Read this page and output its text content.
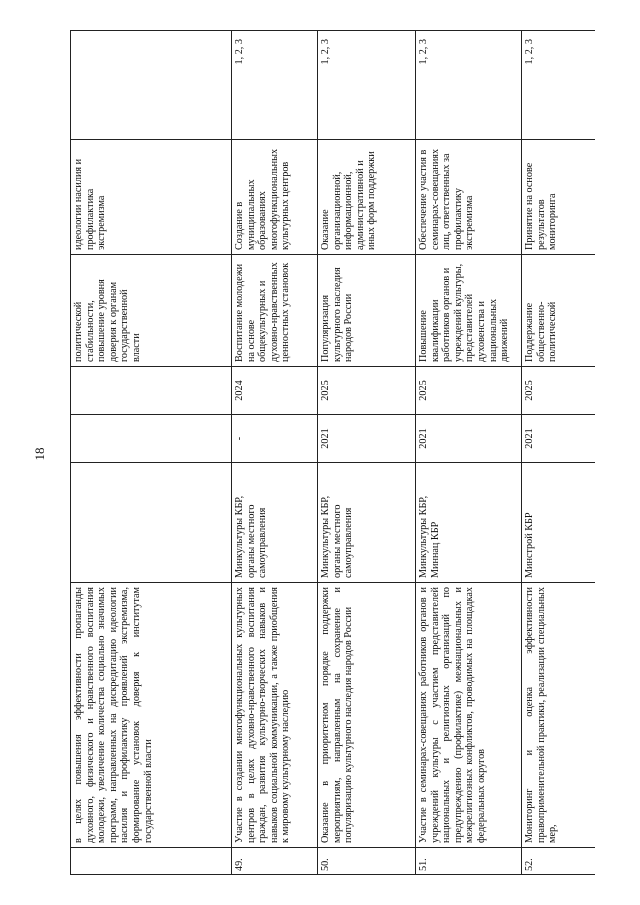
18
в целях повышения эффективности пропаганды духовного, физического и нравственного воспитания молодежи, увеличение количества социально значимых программ, направленных на дискредитацию идеологии насилия и профилактику проявлений экстремизма, формирование установок доверия к институтам государственной власти
политической стабильности, повышение уровня доверия к органам государственной власти
идеологии насилия и профилактика экстремизма
49.
Участие в создании многофункциональных культурных центров в целях духовно-нравственного воспитания граждан, развития культурно-творческих навыков и навыков социальной коммуникации, а также приобщения к мировому культурному наследию
Минкультуры КБР, органы местного самоуправления
-
2024
Воспитание молодежи на основе общекультурных и духовно-нравственных ценностных установок
Создание в муниципальных образованиях многофункциональных культурных центров
1, 2, 3
50.
Оказание в приоритетном порядке поддержки мероприятиям, направленным на сохранение и популяризацию культурного наследия народов России
Минкультуры КБР, органы местного самоуправления
2021
2025
Популяризация культурного наследия народов России
Оказание организационной, информационной, административной и иных форм поддержки
1, 2, 3
51.
Участие в семинарах-совещаниях работников органов и учреждений культуры с участием представителей национальных и религиозных организаций по предупреждению (профилактике) межнациональных и межрелигиозных конфликтов, проводимых на площадках федеральных округов
Минкультуры КБР, Миннац КБР
2021
2025
Повышение квалификации работников органов и учреждений культуры, представителей духовенства и национальных движений
Обеспечение участия в семинарах-совещаниях лиц, ответственных за профилактику экстремизма
1, 2, 3
52.
Мониторинг и оценка эффективности правоприменительной практики, реализации специальных мер,
Минстрой КБР
2021
2025
Поддержание общественно-политической
Принятие на основе результатов мониторинга
1, 2, 3
